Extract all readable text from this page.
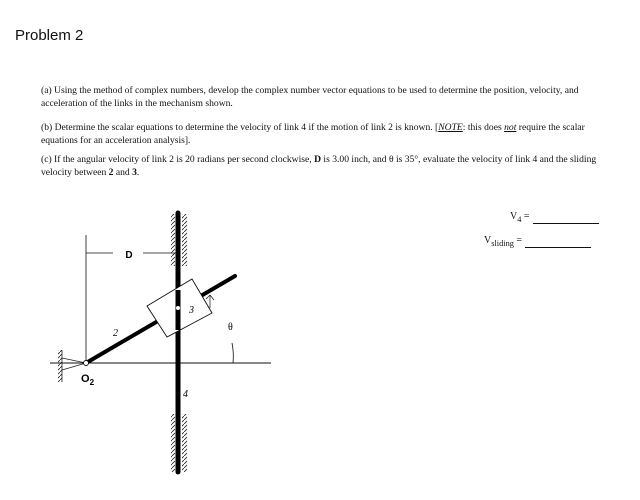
Problem 2
(a) Using the method of complex numbers, develop the complex number vector equations to be used to determine the position, velocity, and acceleration of the links in the mechanism shown.
(b) Determine the scalar equations to determine the velocity of link 4 if the motion of link 2 is known. [NOTE: this does not require the scalar equations for an acceleration analysis].
(c) If the angular velocity of link 2 is 20 radians per second clockwise, D is 3.00 inch, and θ is 35°, evaluate the velocity of link 4 and the sliding velocity between 2 and 3.
$V_4$ =
$V_{sliding}$ =
D
θ
2
3
4
$O_2$
